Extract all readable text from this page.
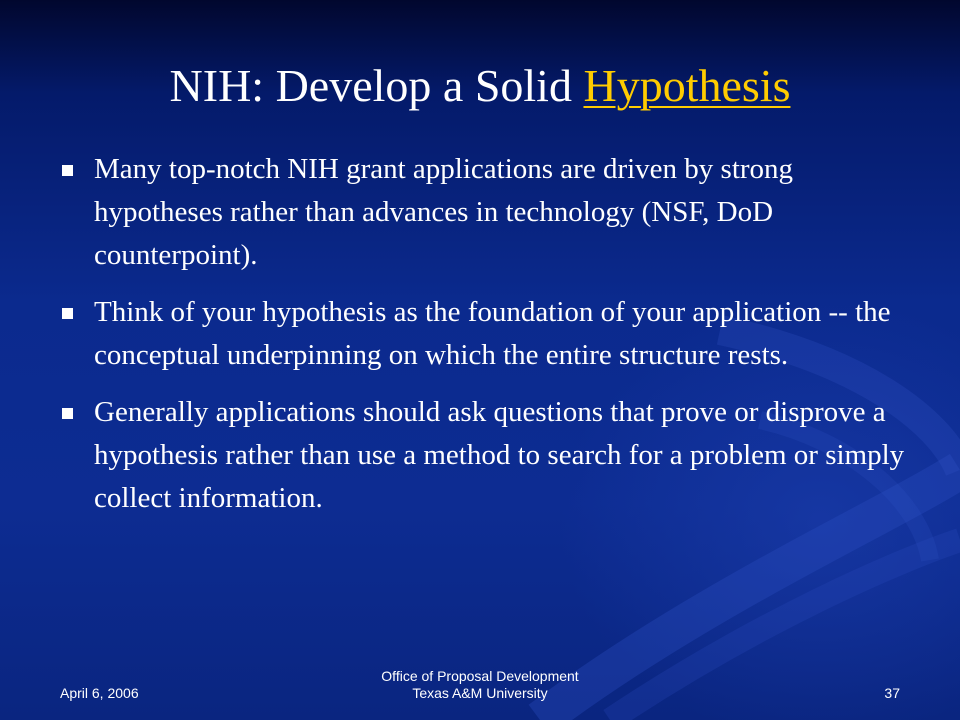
NIH: Develop a Solid Hypothesis
Many top-notch NIH grant applications are driven by strong hypotheses rather than advances in technology (NSF, DoD counterpoint).
Think of your hypothesis as the foundation of your application -- the conceptual underpinning on which the entire structure rests.
Generally applications should ask questions that prove or disprove a hypothesis rather than use a method to search for a problem or simply collect information.
April 6, 2006
Office of Proposal Development
Texas A&M University	37
